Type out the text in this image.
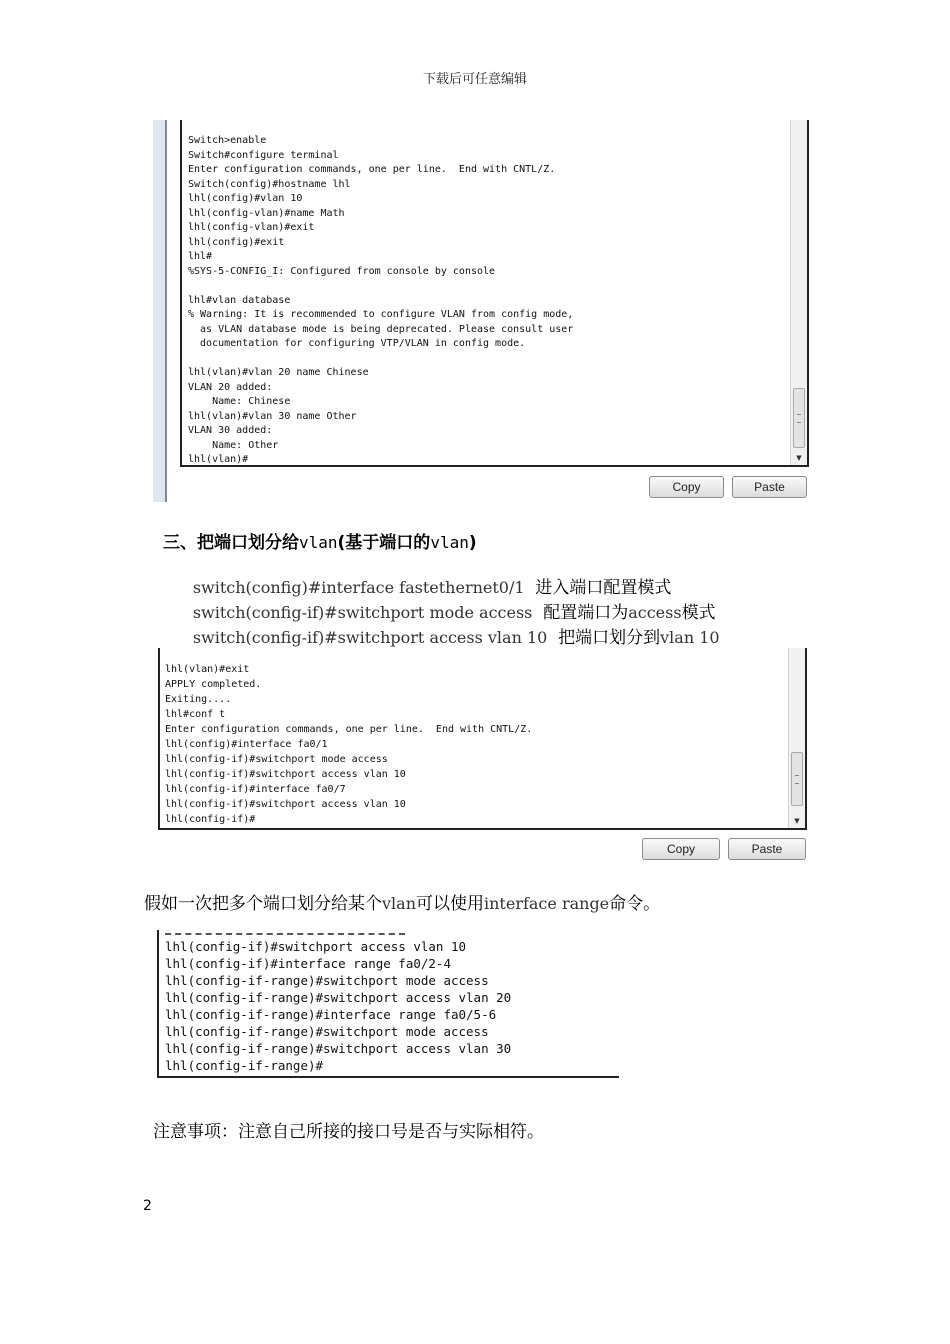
下载后可任意编辑
Switch>enable
Switch#configure terminal
Enter configuration commands, one per line.  End with CNTL/Z.
Switch(config)#hostname lhl
lhl(config)#vlan 10
lhl(config-vlan)#name Math
lhl(config-vlan)#exit
lhl(config)#exit
lhl#
%SYS-5-CONFIG_I: Configured from console by console

lhl#vlan database
% Warning: It is recommended to configure VLAN from config mode,
as VLAN database mode is being deprecated. Please consult user
documentation for configuring VTP/VLAN in config mode.

lhl(vlan)#vlan 20 name Chinese
VLAN 20 added:
Name: Chinese
lhl(vlan)#vlan 30 name Other
VLAN 30 added:
Name: Other
lhl(vlan)#	▼
Copy	Paste
三、把端口划分给vlan(基于端口的vlan)

switch(config)#interface fastethernet0/1 进入端口配置模式

switch(config-if)#switchport mode access 配置端口为access模式

switch(config-if)#switchport access vlan 10 把端口划分到vlan 10

lhl(vlan)#exit
APPLY completed.
Exiting....
lhl#conf t
Enter configuration commands, one per line.  End with CNTL/Z.
lhl(config)#interface fa0/1
lhl(config-if)#switchport mode access
lhl(config-if)#switchport access vlan 10
lhl(config-if)#interface fa0/7
lhl(config-if)#switchport access vlan 10
lhl(config-if)#	▼
Copy	Paste
假如一次把多个端口划分给某个vlan可以使用interface range命令。
lhl(config-if)#switchport access vlan 10
lhl(config-if)#interface range fa0/2-4
lhl(config-if-range)#switchport mode access
lhl(config-if-range)#switchport access vlan 20
lhl(config-if-range)#interface range fa0/5-6
lhl(config-if-range)#switchport mode access
lhl(config-if-range)#switchport access vlan 30
lhl(config-if-range)#
注意事项：注意自己所接的接口号是否与实际相符。
2
